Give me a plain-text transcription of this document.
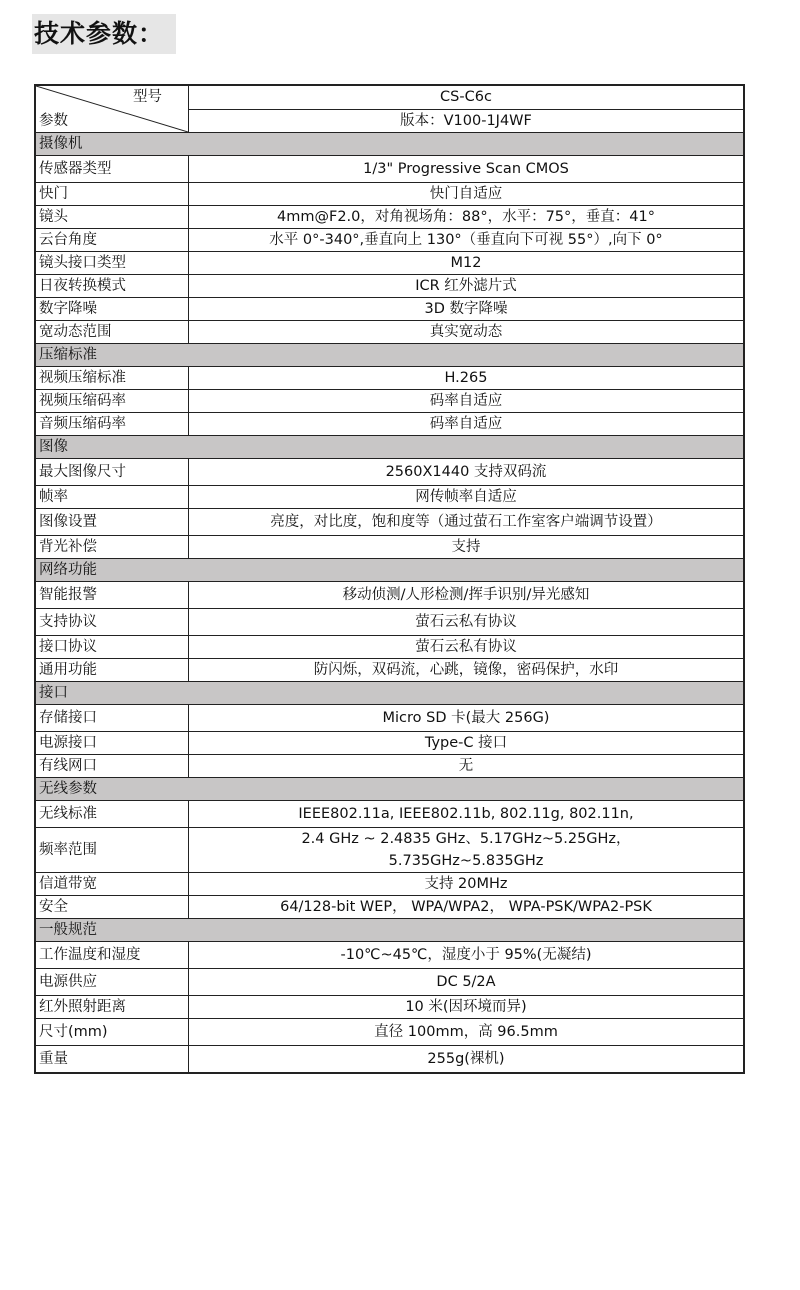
技术参数：
型号
参数	CS-C6c
	版本：V100-1J4WF
摄像机	
传感器类型	1/3" Progressive Scan CMOS
快门	快门自适应
镜头	4mm@F2.0，对角视场角：88°，水平：75°，垂直：41°
云台角度	水平 0°-340°,垂直向上 130°（垂直向下可视 55°）,向下 0°
镜头接口类型	M12
日夜转换模式	ICR 红外滤片式
数字降噪	3D 数字降噪
宽动态范围	真实宽动态
压缩标准	
视频压缩标准	H.265
视频压缩码率	码率自适应
音频压缩码率	码率自适应
图像	
最大图像尺寸	2560X1440 支持双码流
帧率	网传帧率自适应
图像设置	亮度，对比度，饱和度等（通过萤石工作室客户端调节设置）
背光补偿	支持
网络功能	
智能报警	移动侦测/人形检测/挥手识别/异光感知
支持协议	萤石云私有协议
接口协议	萤石云私有协议
通用功能	防闪烁，双码流，心跳，镜像，密码保护，水印
接口	
存储接口	Micro SD 卡(最大 256G)
电源接口	Type-C 接口
有线网口	无
无线参数	
无线标准	IEEE802.11a, IEEE802.11b, 802.11g, 802.11n,
频率范围	2.4 GHz ~ 2.4835 GHz、5.17GHz~5.25GHz，
5.735GHz~5.835GHz

信道带宽	支持 20MHz
安全	64/128-bit WEP， WPA/WPA2， WPA-PSK/WPA2-PSK
一般规范	
工作温度和湿度	-10℃~45℃，湿度小于 95%(无凝结)
电源供应	DC 5/2A
红外照射距离	10 米(因环境而异)
尺寸(mm)	直径 100mm，高 96.5mm
重量	255g(裸机)
